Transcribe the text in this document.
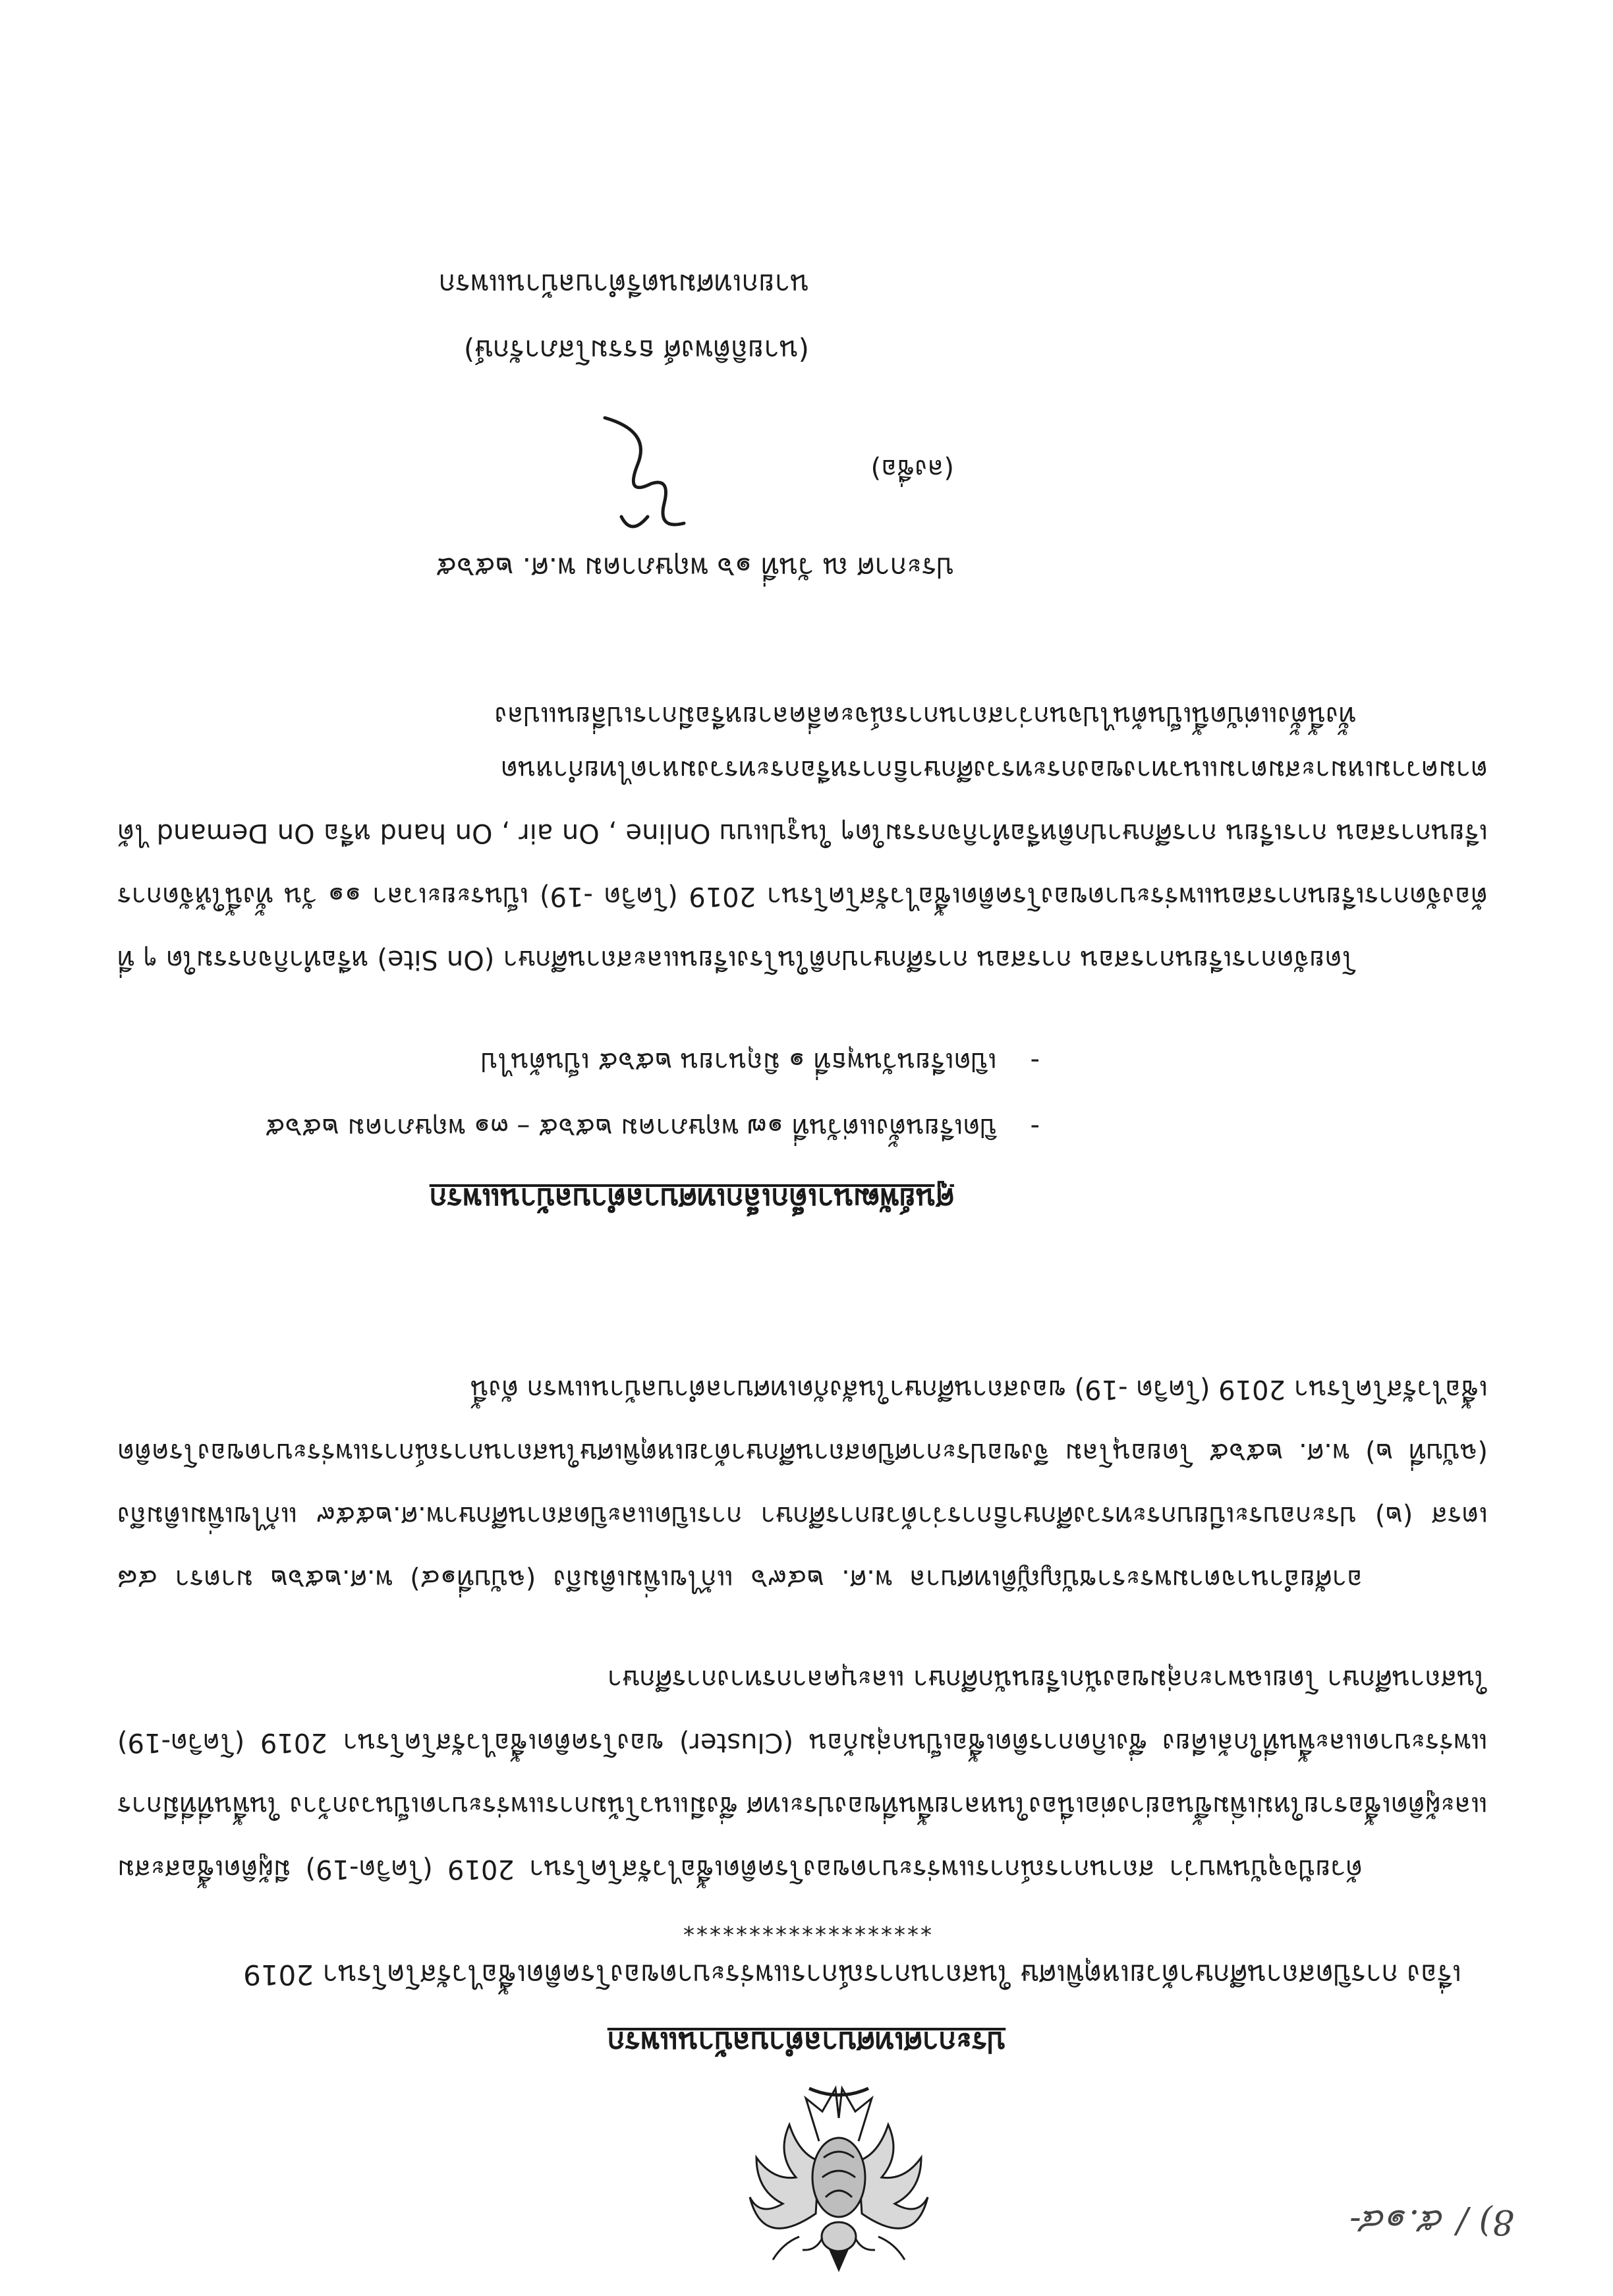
8) / ๕.๑๔-
ประกาศเทศบาลตำบลบ้านแพรก
เรื่อง การปิดสถานศึกษาด้วยเหตุพิเศษ ในสถานการณ์การแพร่ระบาดของโรคติดเชื้อไวรัสโคโรนา 2019
*******************
ด้วยปัจจุบันพบว่า สถานการณ์การแพร่ระบาดของโรคติดเชื้อไวรัสโคโรนา 2019 (โควิด-19) มีผู้ติดเชื้อสะสมและผู้ติดเชื้อรายใหม่เพิ่มขึ้นอย่างต่อเนื่องในหลายพื้นที่ของประเทศ ซึ่งมีแนวโน้มการแพร่ระบาดเป็นวงกว้าง ในพื้นที่ที่มีการแพร่ระบาดและพื้นที่ใกล้เคียง ซึ่งเกิดการติดเชื้อเป็นกลุ่มก้อน (Cluster) ของโรคติดเชื้อไวรัสโคโรนา 2019 (โควิด-19) ในสถานศึกษา โดยเฉพาะกลุ่มของนักเรียนนักศึกษา และบุคลากรทางการศึกษา
อาศัยอำนาจตามพระราชบัญญัติเทศบาล พ.ศ. ๒๔๙๖ แก้ไขเพิ่มเติมถึง (ฉบับที่๑๔) พ.ศ.๒๕๖๒ มาตรา ๔๘ เตรส (๒) ประกอบระเบียบกระทรวงศึกษาธิการว่าด้วยการศึกษา การเปิดและปิดสถานศึกษาพ.ศ.๒๕๕๙ แก้ไขเพิ่มเติมถึง (ฉบับที่ ๒) พ.ศ. ๒๕๖๕ โดยอนุโลม จึงขอประกาศปิดสถานศึกษาด้วยเหตุพิเศษในสถานการณ์การแพร่ระบาดของโรคติดเชื้อไวรัสโคโรนา 2019 (โควิด -19) ของสถานศึกษาในสังกัดเทศบาลตำบลบ้านแพรก ดังนี้
ศูนย์พัฒนาเด็กเล็กเทศบาลตำบลบ้านแพรก
-    ปิดเรียนตั้งแต่วันที่ ๑๗ พฤษภาคม ๒๕๖๕ – ๓๑ พฤษภาคม ๒๕๖๕
-    เปิดเรียนวันพุธที่ ๑ มิถุนายน ๒๕๖๕ เป็นต้นไป
โดยจัดการเรียนการสอน การสอน การศึกษาปกติในโรงเรียนและสถานศึกษา (On Site) หรือทำกิจกรรมใด ๆ ที่ต้องจัดการเรียนการสอนแพร่ระบาดของโรคติดเชื้อไวรัสโคโรนา 2019 (โควิด -19) เป็นระยะเวลา ๑๑ วัน ทั้งนี้ให้จัดการเรียนการสอน การเรียน การศึกษาปกติหรือทำกิจกรรมใดๆ ในรูปแบบ Online , On air , On hand หรือ On Demand ได้ตามความเหมาะสมตามแนวทางของกระทรวงศึกษาธิการหรือกระทรวงมหาดไทยกำหนด
ทั้งนี้ตั้งแต่บัดนี้เป็นต้นไปจนกว่าสถานการณ์จะคลี่คลายหรือมีการเปลี่ยนแปลง
ประกาศ ณ วันที่ ๑๖ พฤษภาคม พ.ศ. ๒๕๖๕
(ลงชื่อ)
(นายถิติพงศ์ ธรรมโสภารักษ์)
นายกเทศมนตรีตำบลบ้านแพรก
